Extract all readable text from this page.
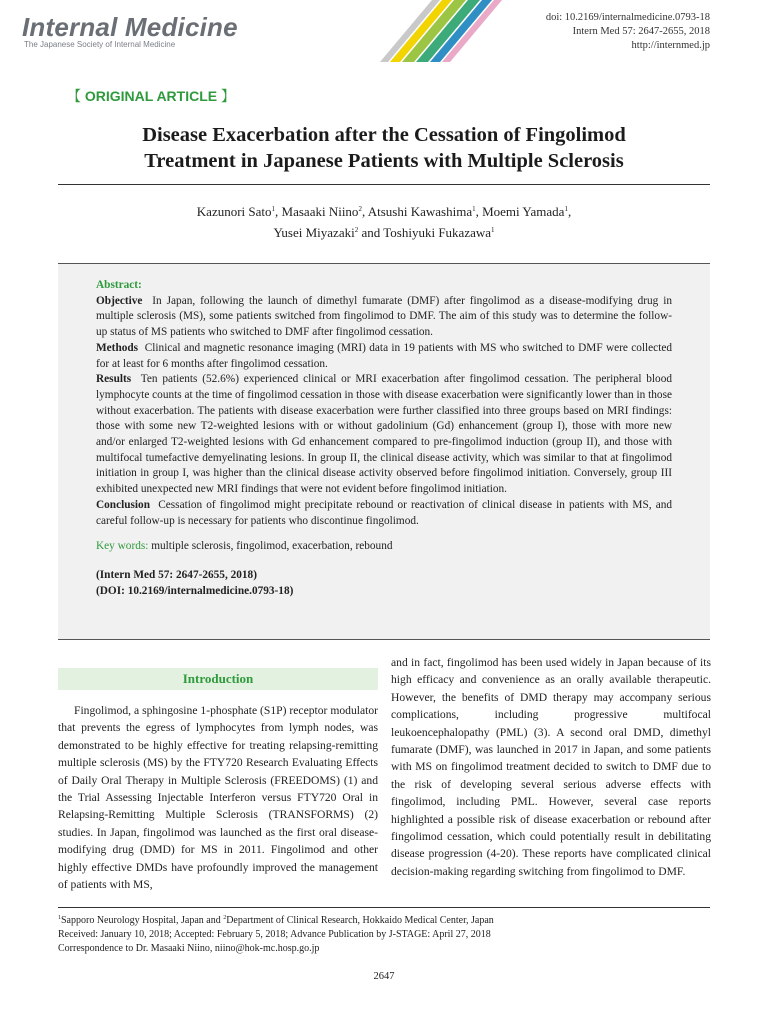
Internal Medicine
The Japanese Society of Internal Medicine
doi: 10.2169/internalmedicine.0793-18
Intern Med 57: 2647-2655, 2018
http://internmed.jp
【 ORIGINAL ARTICLE 】
Disease Exacerbation after the Cessation of Fingolimod
Treatment in Japanese Patients with Multiple Sclerosis
Kazunori Sato$^1$, Masaaki Niino$^2$, Atsushi Kawashima$^1$, Moemi Yamada$^1$,
Yusei Miyazaki$^2$ and Toshiyuki Fukazawa$^1$
Abstract:

Objective In Japan, following the launch of dimethyl fumarate (DMF) after fingolimod as a disease-modifying drug in multiple sclerosis (MS), some patients switched from fingolimod to DMF. The aim of this study was to determine the follow-up status of MS patients who switched to DMF after fingolimod cessation.

Methods Clinical and magnetic resonance imaging (MRI) data in 19 patients with MS who switched to DMF were collected for at least for 6 months after fingolimod cessation.

Results Ten patients (52.6%) experienced clinical or MRI exacerbation after fingolimod cessation. The peripheral blood lymphocyte counts at the time of fingolimod cessation in those with disease exacerbation were significantly lower than in those without exacerbation. The patients with disease exacerbation were further classified into three groups based on MRI findings: those with some new T2-weighted lesions with or without gadolinium (Gd) enhancement (group I), those with more new and/or enlarged T2-weighted lesions with Gd enhancement compared to pre-fingolimod induction (group II), and those with multifocal tumefactive demyelinating lesions. In group II, the clinical disease activity, which was similar to that at fingolimod initiation in group I, was higher than the clinical disease activity observed before fingolimod initiation. Conversely, group III exhibited unexpected new MRI findings that were not evident before fingolimod initiation.

Conclusion Cessation of fingolimod might precipitate rebound or reactivation of clinical disease in patients with MS, and careful follow-up is necessary for patients who discontinue fingolimod.

Key words: multiple sclerosis, fingolimod, exacerbation, rebound
(Intern Med 57: 2647-2655, 2018)
(DOI: 10.2169/internalmedicine.0793-18)
Introduction

Fingolimod, a sphingosine 1-phosphate (S1P) receptor modulator that prevents the egress of lymphocytes from lymph nodes, was demonstrated to be highly effective for treating relapsing-remitting multiple sclerosis (MS) by the FTY720 Research Evaluating Effects of Daily Oral Therapy in Multiple Sclerosis (FREEDOMS) (1) and the Trial Assessing Injectable Interferon versus FTY720 Oral in Relapsing-Remitting Multiple Sclerosis (TRANSFORMS) (2) studies. In Japan, fingolimod was launched as the first oral disease-modifying drug (DMD) for MS in 2011. Fingolimod and other highly effective DMDs have profoundly improved the management of patients with MS,

and in fact, fingolimod has been used widely in Japan because of its high efficacy and convenience as an orally available therapeutic. However, the benefits of DMD therapy may accompany serious complications, including progressive multifocal leukoencephalopathy (PML) (3). A second oral DMD, dimethyl fumarate (DMF), was launched in 2017 in Japan, and some patients with MS on fingolimod treatment decided to switch to DMF due to the risk of developing several serious adverse effects with fingolimod, including PML. However, several case reports highlighted a possible risk of disease exacerbation or rebound after fingolimod cessation, which could potentially result in debilitating disease progression (4-20). These reports have complicated clinical decision-making regarding switching from fingolimod to DMF.

$^1$Sapporo Neurology Hospital, Japan and $^2$Department of Clinical Research, Hokkaido Medical Center, Japan
Received: January 10, 2018; Accepted: February 5, 2018; Advance Publication by J-STAGE: April 27, 2018
Correspondence to Dr. Masaaki Niino, niino@hok-mc.hosp.go.jp
2647
